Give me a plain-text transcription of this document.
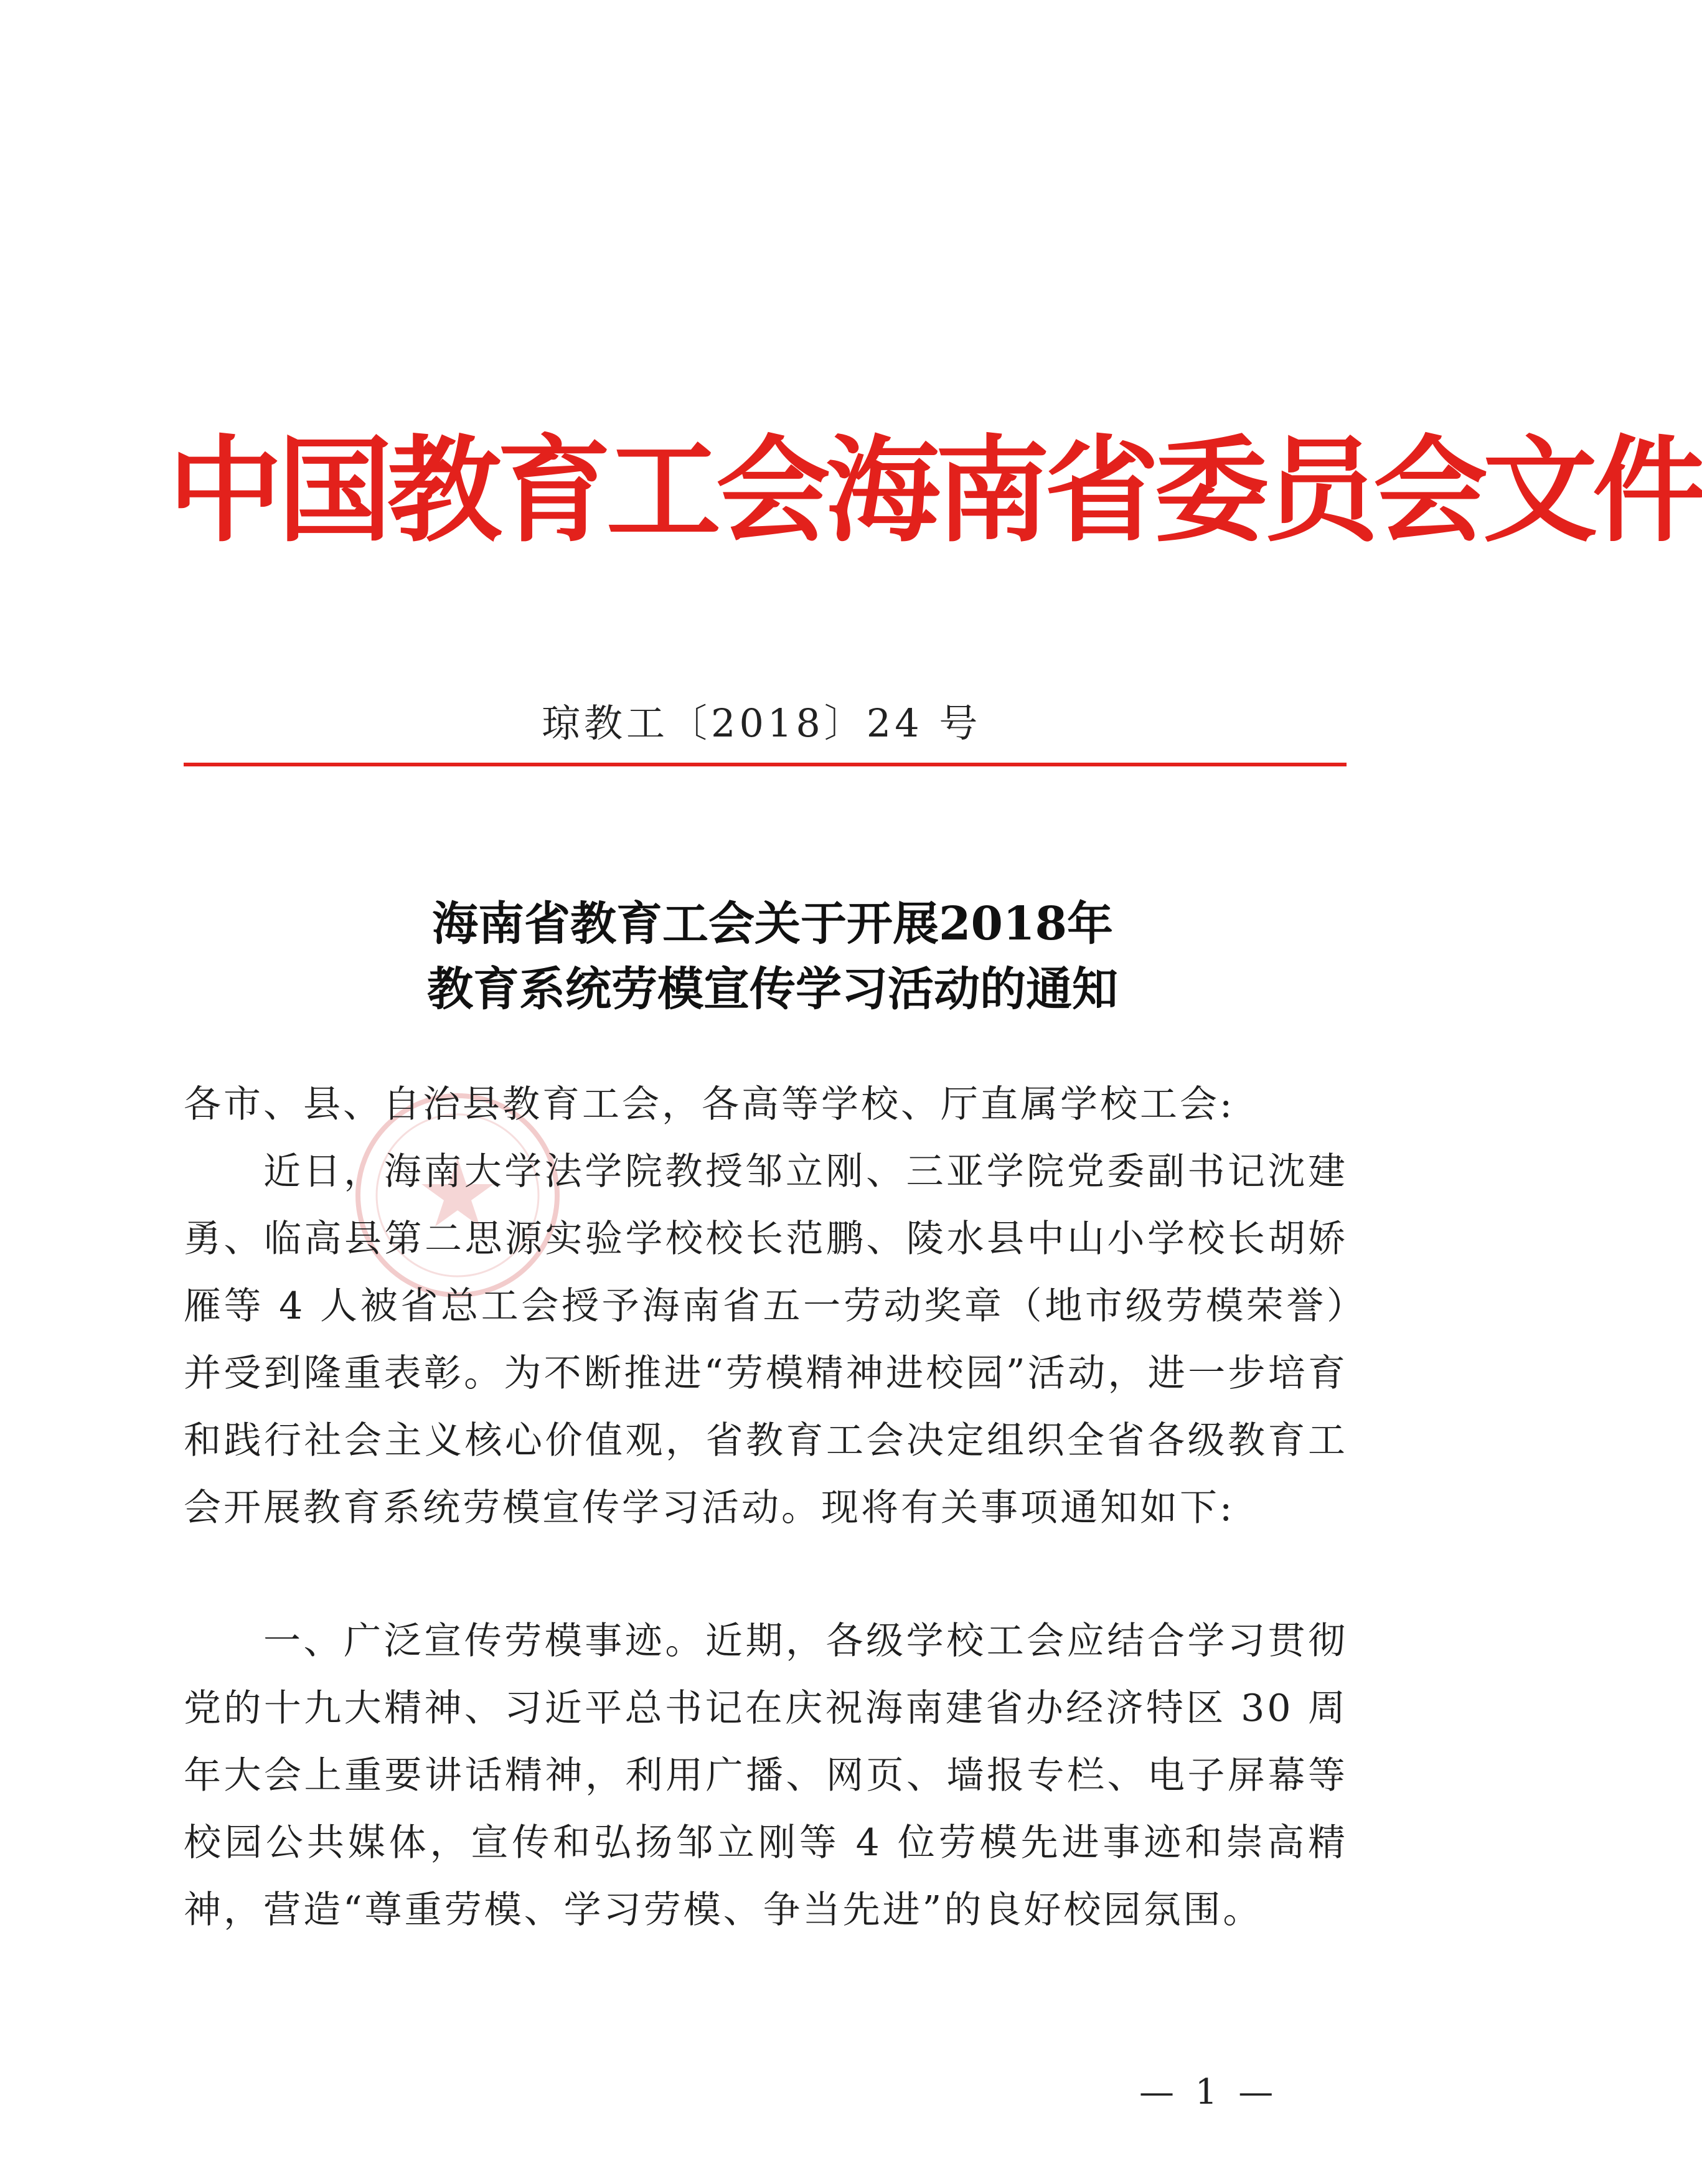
中国教育工会海南省委员会文件
琼教工〔2018〕24 号
海南省教育工会关于开展2018年
教育系统劳模宣传学习活动的通知
各市、县、自治县教育工会，各高等学校、厅直属学校工会:
近日，海南大学法学院教授邹立刚、三亚学院党委副书记沈建勇、临高县第二思源实验学校校长范鹏、陵水县中山小学校长胡娇雁等 4 人被省总工会授予海南省五一劳动奖章（地市级劳模荣誉）并受到隆重表彰。为不断推进“劳模精神进校园”活动，进一步培育和践行社会主义核心价值观，省教育工会决定组织全省各级教育工会开展教育系统劳模宣传学习活动。现将有关事项通知如下:
一、广泛宣传劳模事迹。近期，各级学校工会应结合学习贯彻党的十九大精神、习近平总书记在庆祝海南建省办经济特区 30 周年大会上重要讲话精神，利用广播、网页、墙报专栏、电子屏幕等校园公共媒体，宣传和弘扬邹立刚等 4 位劳模先进事迹和崇高精神，营造“尊重劳模、学习劳模、争当先进”的良好校园氛围。
— 1 —
